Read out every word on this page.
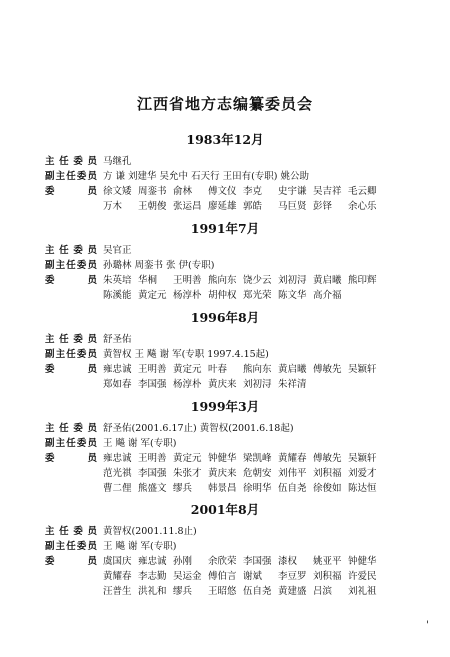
江西省地方志编纂委员会
1983年12月
主 任 委 员 马继孔
副 主 任 委 员 方 谦 刘建华 吴允中 石天行 王田有(专职) 姚公助
委	员 徐文矮 周銮书 俞林 傅文仪 李克 史宇谦 吴吉祥 毛云卿
万木 王朝俊 张运昌 廖延雄 郭皓 马巨贤 彭铎 余心乐
1991年7月
主 任 委 员 吴官正
副 主 任 委 员 孙璐林 周銮书 张 伊(专职)
委	员 朱英培 华桐 王明善 熊向东 饶少云 刘初浔 黄启曦 熊印辉
陈溪能 黄定元 杨淳朴 胡仲权 郑光荣 陈文华 高介福
1996年8月
主 任 委 员 舒圣佑
副 主 任 委 员 黄智权 王 飚 谢 军(专职 1997.4.15起)
委	员 雍忠诚 王明善 黄定元 叶春 熊向东 黄启曦 傅敏先 吴颖轩
郑如春 李国强 杨淳朴 黄庆来 刘初浔 朱祥清
1999年3月
主 任 委 员 舒圣佑(2001.6.17止) 黄智权(2001.6.18起)
副 主 任 委 员 王 飚 谢 军(专职)
委	员 雍忠诚 王明善 黄定元 钟健华 梁凯峰 黄耀春 傅敏先 吴颖轩
范光祺 李国强 朱张才 黄庆来 危朝安 刘伟平 刘积福 刘爱才
曹二俚 熊盛文 缪兵 韩景昌 徐明华 伍自尧 徐俊如 陈达恒
2001年8月
主 任 委 员 黄智权(2001.11.8止)
副 主 任 委 员 王 飚 谢 军(专职)
委	员 虞国庆 雍忠诚 孙刚 余欣荣 李国强 漆权 姚亚平 钟健华
黄耀春 李志勤 吴运金 傅伯言 谢斌 李豆罗 刘积福 许爱民
汪普生 洪礼和 缪兵 王昭悠 伍自尧 黄建盛 吕滨 刘礼祖
'
